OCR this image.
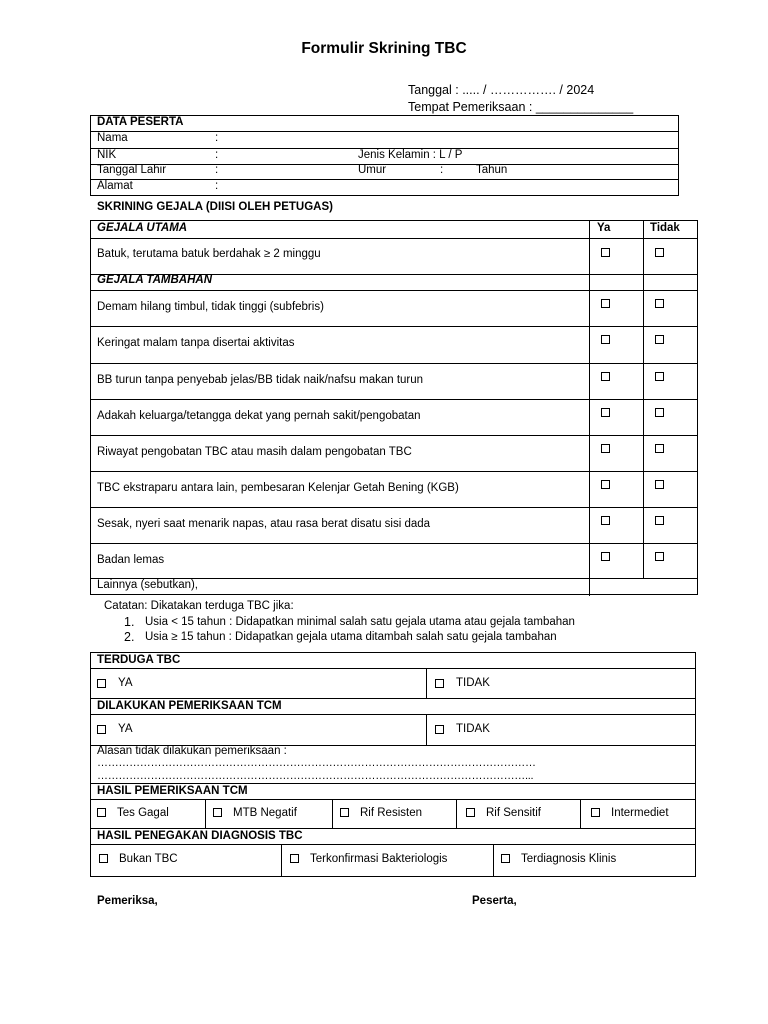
Formulir Skrining TBC
Tanggal : ..... / ……………. / 2024
Tempat Pemeriksaan : ______________
DATA PESERTA
Nama	:
NIK	:	Jenis Kelamin : L / P
Tanggal Lahir	:	Umur	:	Tahun
Alamat	:
SKRINING GEJALA (DIISI OLEH PETUGAS)
GEJALA UTAMA	Ya	Tidak
Batuk, terutama batuk berdahak ≥ 2 minggu
GEJALA TAMBAHAN
Demam hilang timbul, tidak tinggi (subfebris)
Keringat malam tanpa disertai aktivitas
BB turun tanpa penyebab jelas/BB tidak naik/nafsu makan turun
Adakah keluarga/tetangga dekat yang pernah sakit/pengobatan
Riwayat pengobatan TBC atau masih dalam pengobatan TBC
TBC ekstraparu antara lain, pembesaran Kelenjar Getah Bening (KGB)
Sesak, nyeri saat menarik napas, atau rasa berat disatu sisi dada
Badan lemas
Lainnya (sebutkan),
Catatan: Dikatakan terduga TBC jika:
1. Usia < 15 tahun : Didapatkan minimal salah satu gejala utama atau gejala tambahan
2. Usia ≥ 15 tahun : Didapatkan gejala utama ditambah salah satu gejala tambahan
TERDUGA TBC
YA	TIDAK
DILAKUKAN PEMERIKSAAN TCM
YA	TIDAK
Alasan tidak dilakukan pemeriksaan :
……………………………………………………………………………………………………………
…………………………………………………………………………………………………………...
HASIL PEMERIKSAAN TCM
Tes Gagal	MTB Negatif	Rif Resisten	Rif Sensitif	Intermediet
HASIL PENEGAKAN DIAGNOSIS TBC
Bukan TBC	Terkonfirmasi Bakteriologis	Terdiagnosis Klinis
Pemeriksa,	Peserta,
